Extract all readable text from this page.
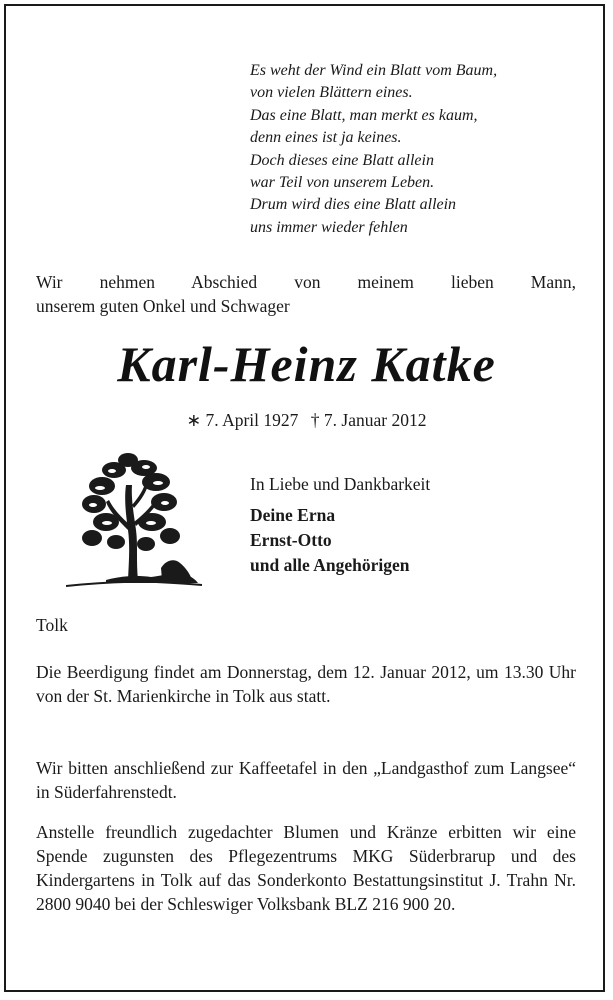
Es weht der Wind ein Blatt vom Baum,
von vielen Blättern eines.
Das eine Blatt, man merkt es kaum,
denn eines ist ja keines.
Doch dieses eine Blatt allein
war Teil von unserem Leben.
Drum wird dies eine Blatt allein
uns immer wieder fehlen
Wir nehmen Abschied von meinem lieben Mann,
unserem guten Onkel und Schwager
Karl-Heinz Katke
∗ 7. April 1927 † 7. Januar 2012
In Liebe und Dankbarkeit
Deine Erna
Ernst-Otto
und alle Angehörigen
Tolk
Die Beerdigung findet am Donnerstag, dem 12. Januar 2012, um 13.30 Uhr von der St. Marienkirche in Tolk aus statt.
Wir bitten anschließend zur Kaffeetafel in den „Landgasthof zum Langsee“ in Süderfahrenstedt.
Anstelle freundlich zugedachter Blumen und Kränze erbitten wir eine Spende zugunsten des Pflegezentrums MKG Süderbrarup und des Kindergartens in Tolk auf das Sonderkonto Bestattungsinstitut J. Trahn Nr. 2800 9040 bei der Schleswiger Volksbank BLZ 216 900 20.
